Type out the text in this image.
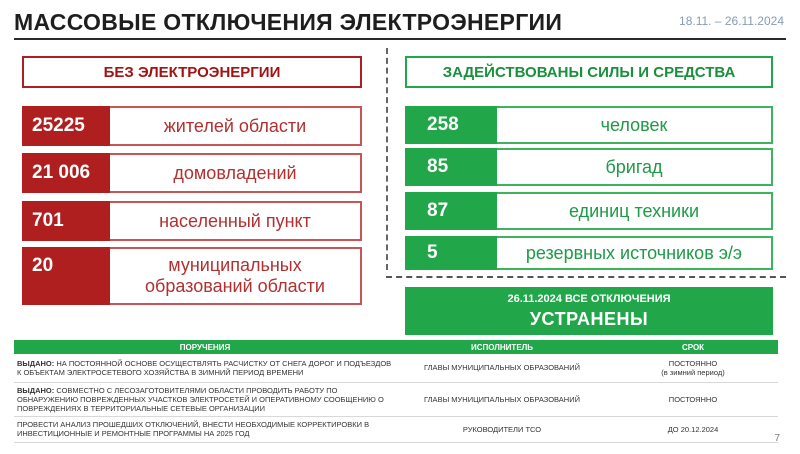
МАССОВЫЕ ОТКЛЮЧЕНИЯ ЭЛЕКТРОЭНЕРГИИ	18.11. – 26.11.2024
БЕЗ ЭЛЕКТРОЭНЕРГИИ	ЗАДЕЙСТВОВАНЫ СИЛЫ И СРЕДСТВА
25225	жителей области
21 006	домовладений
701	населенный пункт
20	муниципальных образований области
258	человек
85	бригад
87	единиц техники
5	резервных источников э/э
26.11.2024 ВСЕ ОТКЛЮЧЕНИЯ
УСТРАНЕНЫ
ПОРУЧЕНИЯ	ИСПОЛНИТЕЛЬ	СРОК
ВЫДАНО: НА ПОСТОЯННОЙ ОСНОВЕ ОСУЩЕСТВЛЯТЬ РАСЧИСТКУ ОТ СНЕГА ДОРОГ И ПОДЪЕЗДОВ К ОБЪЕКТАМ ЭЛЕКТРОСЕТЕВОГО ХОЗЯЙСТВА В ЗИМНИЙ ПЕРИОД ВРЕМЕНИ	ГЛАВЫ МУНИЦИПАЛЬНЫХ ОБРАЗОВАНИЙ	ПОСТОЯННО
(в зимний период)

ВЫДАНО: СОВМЕСТНО С ЛЕСОЗАГОТОВИТЕЛЯМИ ОБЛАСТИ ПРОВОДИТЬ РАБОТУ ПО ОБНАРУЖЕНИЮ ПОВРЕЖДЕННЫХ УЧАСТКОВ ЭЛЕКТРОСЕТЕЙ И ОПЕРАТИВНОМУ СООБЩЕНИЮ О ПОВРЕЖДЕНИЯХ В ТЕРРИТОРИАЛЬНЫЕ СЕТЕВЫЕ ОРГАНИЗАЦИИ	ГЛАВЫ МУНИЦИПАЛЬНЫХ ОБРАЗОВАНИЙ	ПОСТОЯННО
ПРОВЕСТИ АНАЛИЗ ПРОШЕДШИХ ОТКЛЮЧЕНИЙ, ВНЕСТИ НЕОБХОДИМЫЕ КОРРЕКТИРОВКИ В ИНВЕСТИЦИОННЫЕ И РЕМОНТНЫЕ ПРОГРАММЫ НА 2025 ГОД	РУКОВОДИТЕЛИ ТСО	ДО 20.12.2024
7
